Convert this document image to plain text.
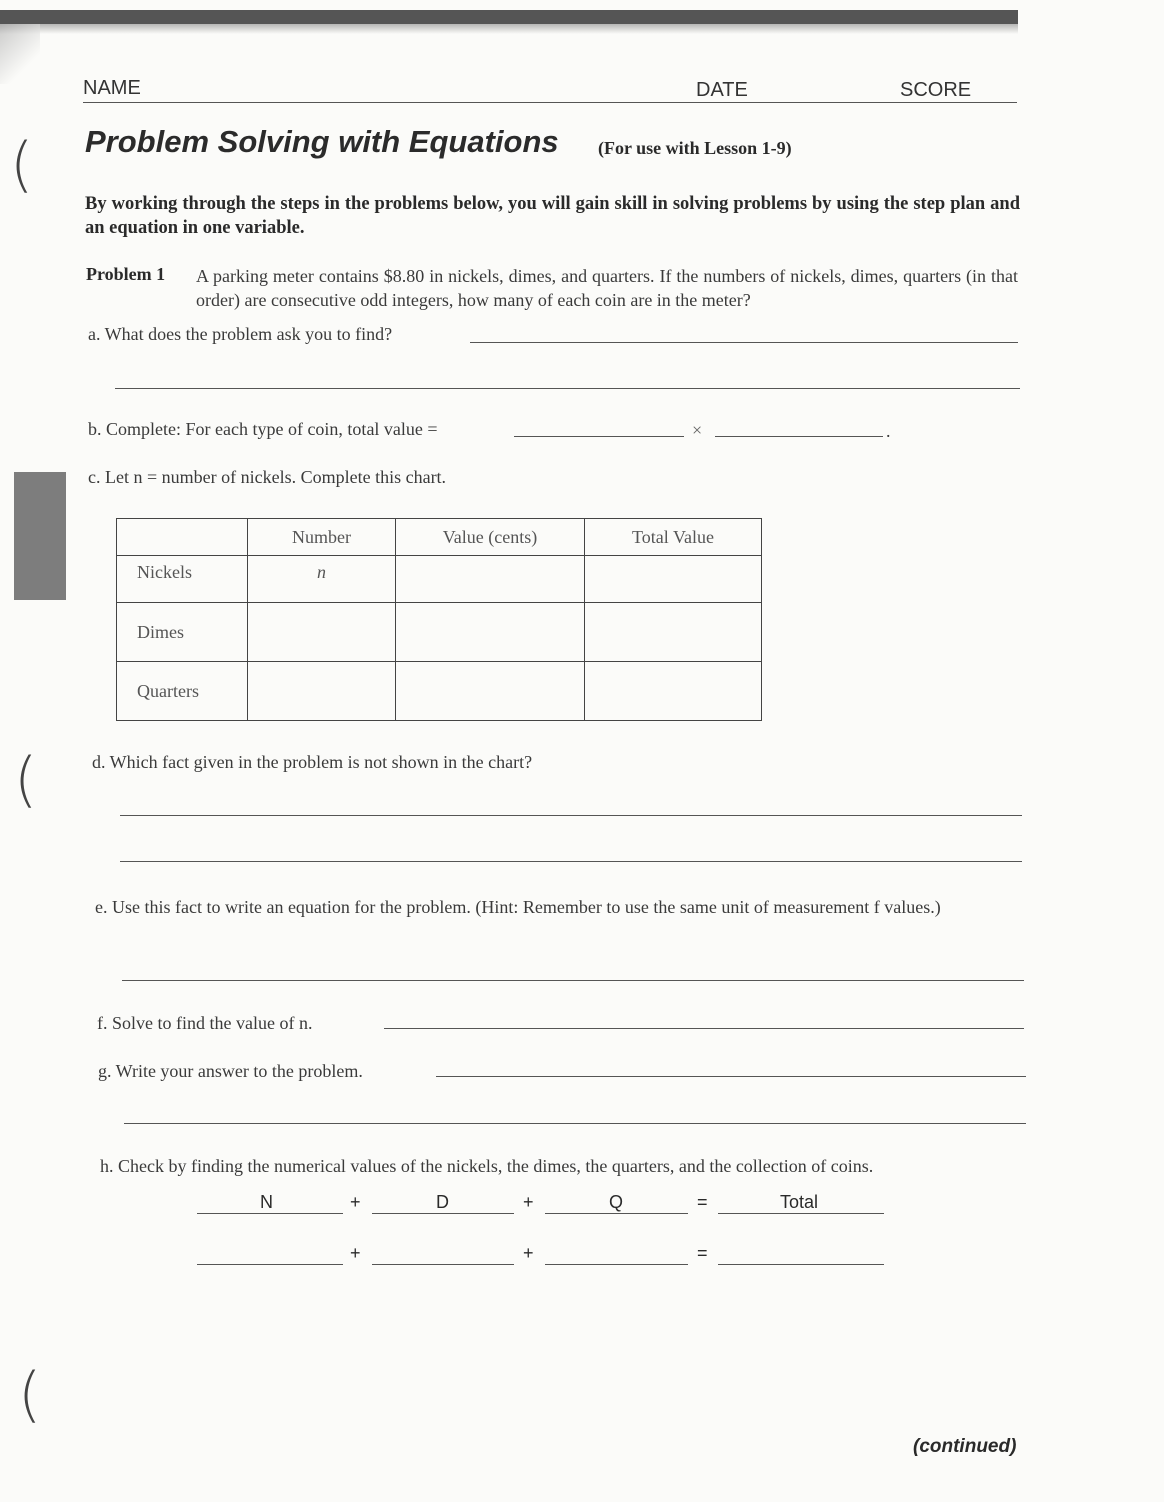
(
(
(
NAME	DATE	SCORE
Problem Solving with Equations (For use with Lesson 1-9)
By working through the steps in the problems below, you will gain skill in solving problems by using the step plan and an equation in one variable.
Problem 1 A parking meter contains $8.80 in nickels, dimes, and quarters. If the numbers of nickels, dimes, quarters (in that order) are consecutive odd integers, how many of each coin are in the meter?
a. What does the problem ask you to find?
b. Complete: For each type of coin, total value =	×	.
c. Let n = number of nickels. Complete this chart.
	Number	Value (cents)	Total Value
Nickels	n		
Dimes			
Quarters			
d. Which fact given in the problem is not shown in the chart?
e. Use this fact to write an equation for the problem. (Hint: Remember to use the same unit of measurement f values.)
f. Solve to find the value of n.
g. Write your answer to the problem.
h. Check by finding the numerical values of the nickels, the dimes, the quarters, and the collection of coins.
N	+	D	+	Q	=	Total
+	+	=
(continued)
